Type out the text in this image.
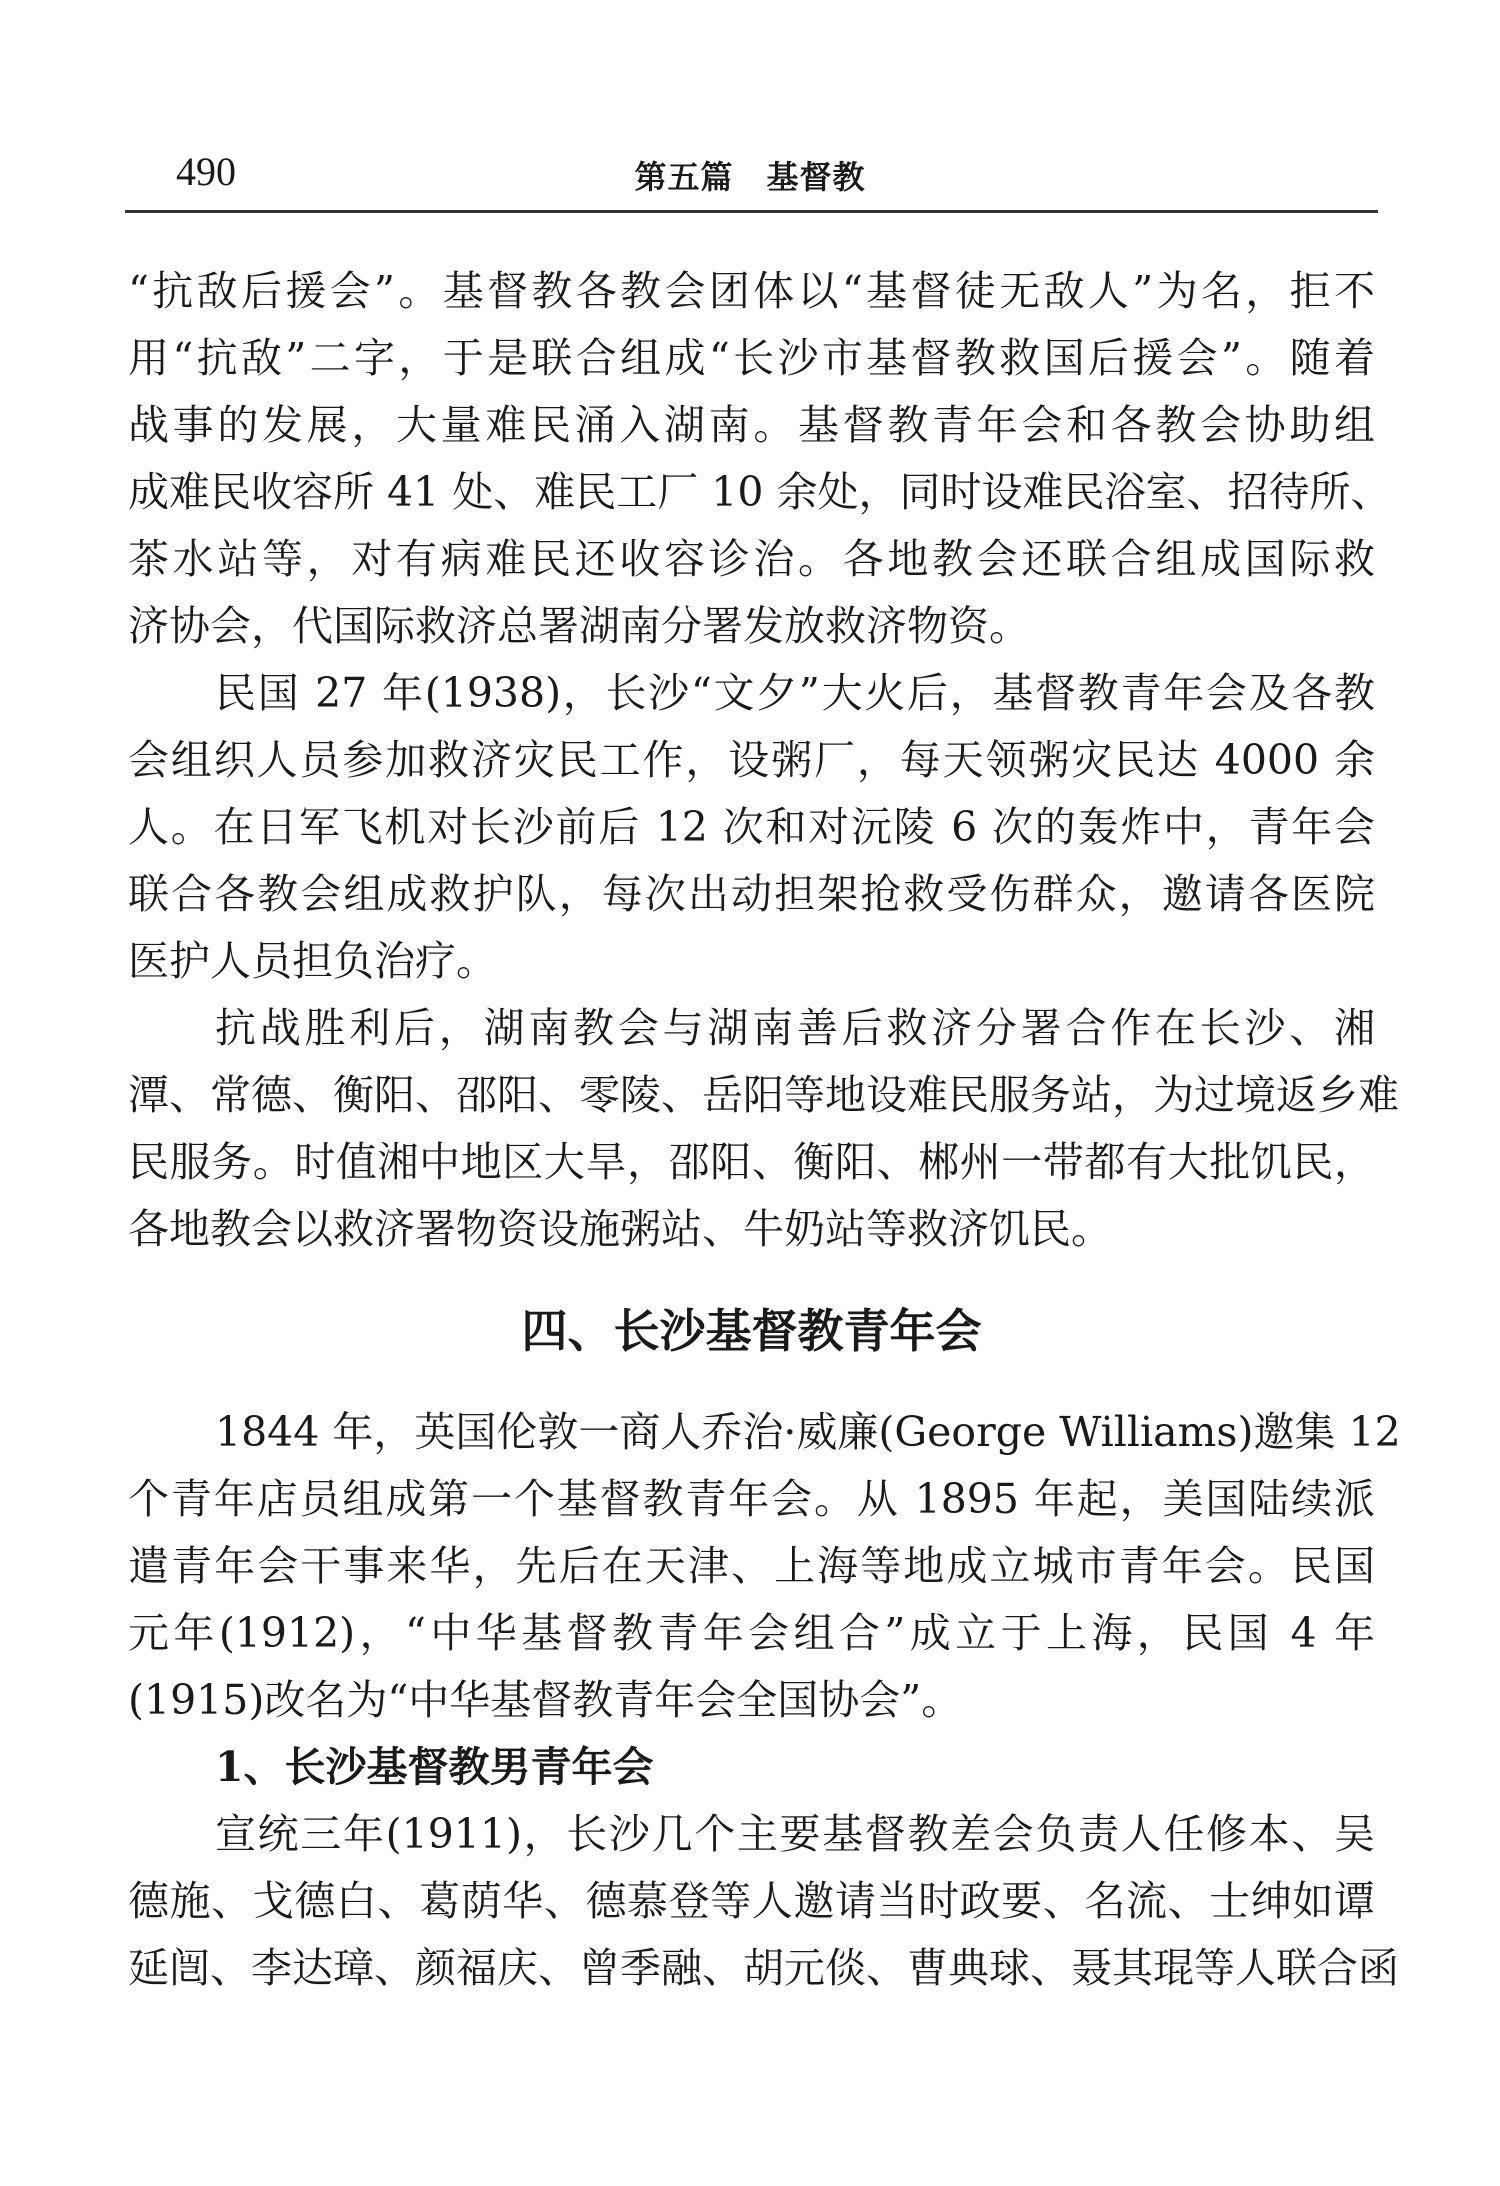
490	第五篇　基督教
“抗敌后援会”。基督教各教会团体以“基督徒无敌人”为名，拒不
用“抗敌”二字，于是联合组成“长沙市基督教救国后援会”。随着
战事的发展，大量难民涌入湖南。基督教青年会和各教会协助组
成难民收容所 41 处、难民工厂 10 余处，同时设难民浴室、招待所、
茶水站等，对有病难民还收容诊治。各地教会还联合组成国际救
济协会，代国际救济总署湖南分署发放救济物资。
民国 27 年(1938)，长沙“文夕”大火后，基督教青年会及各教
会组织人员参加救济灾民工作，设粥厂，每天领粥灾民达 4000 余
人。在日军飞机对长沙前后 12 次和对沅陵 6 次的轰炸中，青年会
联合各教会组成救护队，每次出动担架抢救受伤群众，邀请各医院
医护人员担负治疗。
抗战胜利后，湖南教会与湖南善后救济分署合作在长沙、湘
潭、常德、衡阳、邵阳、零陵、岳阳等地设难民服务站，为过境返乡难
民服务。时值湘中地区大旱，邵阳、衡阳、郴州一带都有大批饥民，
各地教会以救济署物资设施粥站、牛奶站等救济饥民。
四、长沙基督教青年会
1844 年，英国伦敦一商人乔治·威廉(George Williams)邀集 12
个青年店员组成第一个基督教青年会。从 1895 年起，美国陆续派
遣青年会干事来华，先后在天津、上海等地成立城市青年会。民国
元年(1912)，“中华基督教青年会组合”成立于上海，民国 4 年
(1915)改名为“中华基督教青年会全国协会”。
1、长沙基督教男青年会
宣统三年(1911)，长沙几个主要基督教差会负责人任修本、吴
德施、戈德白、葛荫华、德慕登等人邀请当时政要、名流、士绅如谭
延闿、李达璋、颜福庆、曾季融、胡元倓、曹典球、聂其琨等人联合函
